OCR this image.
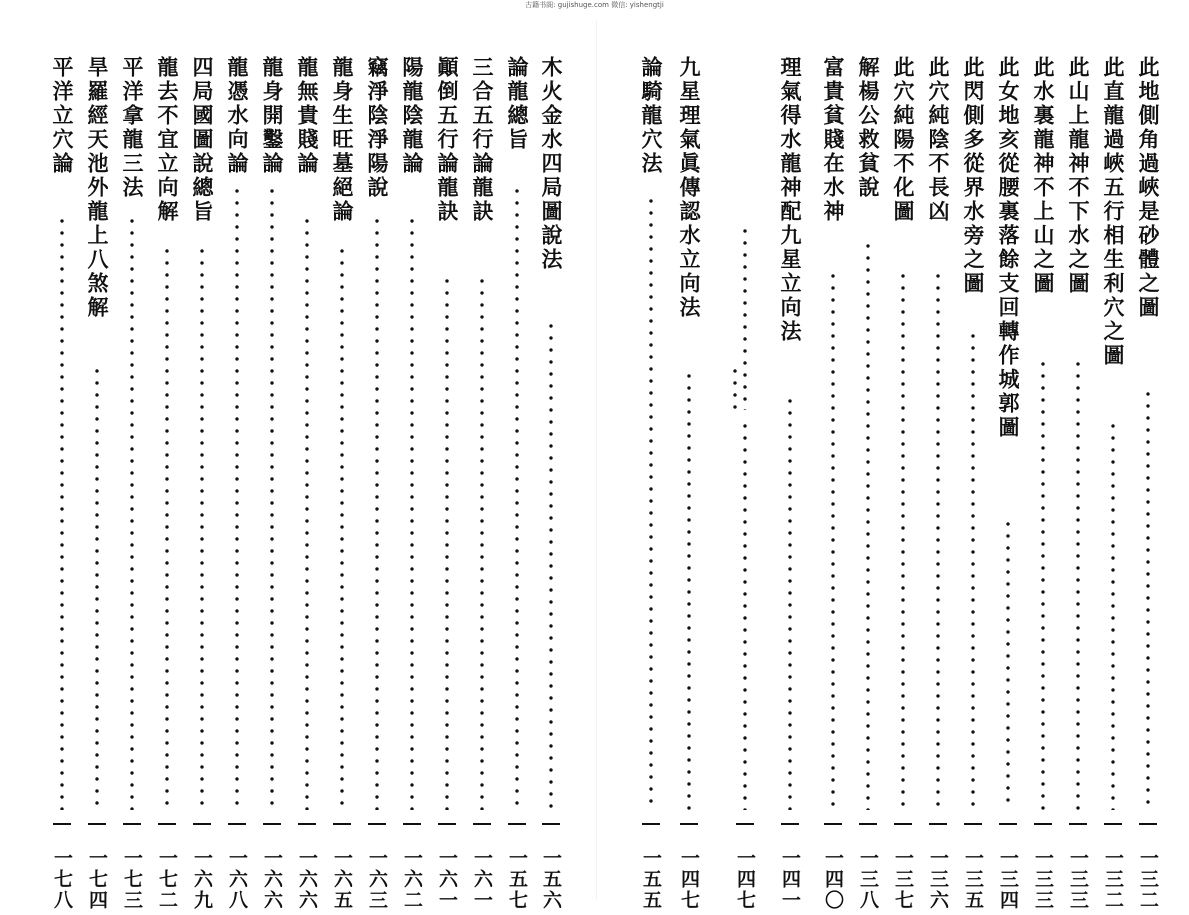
古籍书阁: gujishuge.com 微信: yishengtji
此地側角過峽是砂體之圖
一三二
此直龍過峽五行相生利穴之圖
一三二
此山上龍神不下水之圖
一三三
此水裏龍神不上山之圖
一三三
此女地亥從腰裏落餘支回轉作城郭圖
一三四
此閃側多從界水旁之圖
一三五
此穴純陰不長凶
一三六
此穴純陽不化圖
一三七
解楊公救貧說
一三八
富貴貧賤在水神
一四〇
理氣得水龍神配九星立向法
一四一
一四七
九星理氣眞傳認水立向法
一四七
論騎龍穴法
一五五
木火金水四局圖說法
一五六
論龍總旨
一五七
三合五行論龍訣
一六一
顚倒五行論龍訣
一六一
陽龍陰龍論
一六二
竊淨陰淨陽說
一六三
龍身生旺墓絕論
一六五
龍無貴賤論
一六六
龍身開鑿論
一六六
龍憑水向論
一六八
四局國圖說總旨
一六九
龍去不宜立向解
一七二
平洋拿龍三法
一七三
旱羅經天池外龍上八煞解
一七四
平洋立穴論
一七八
